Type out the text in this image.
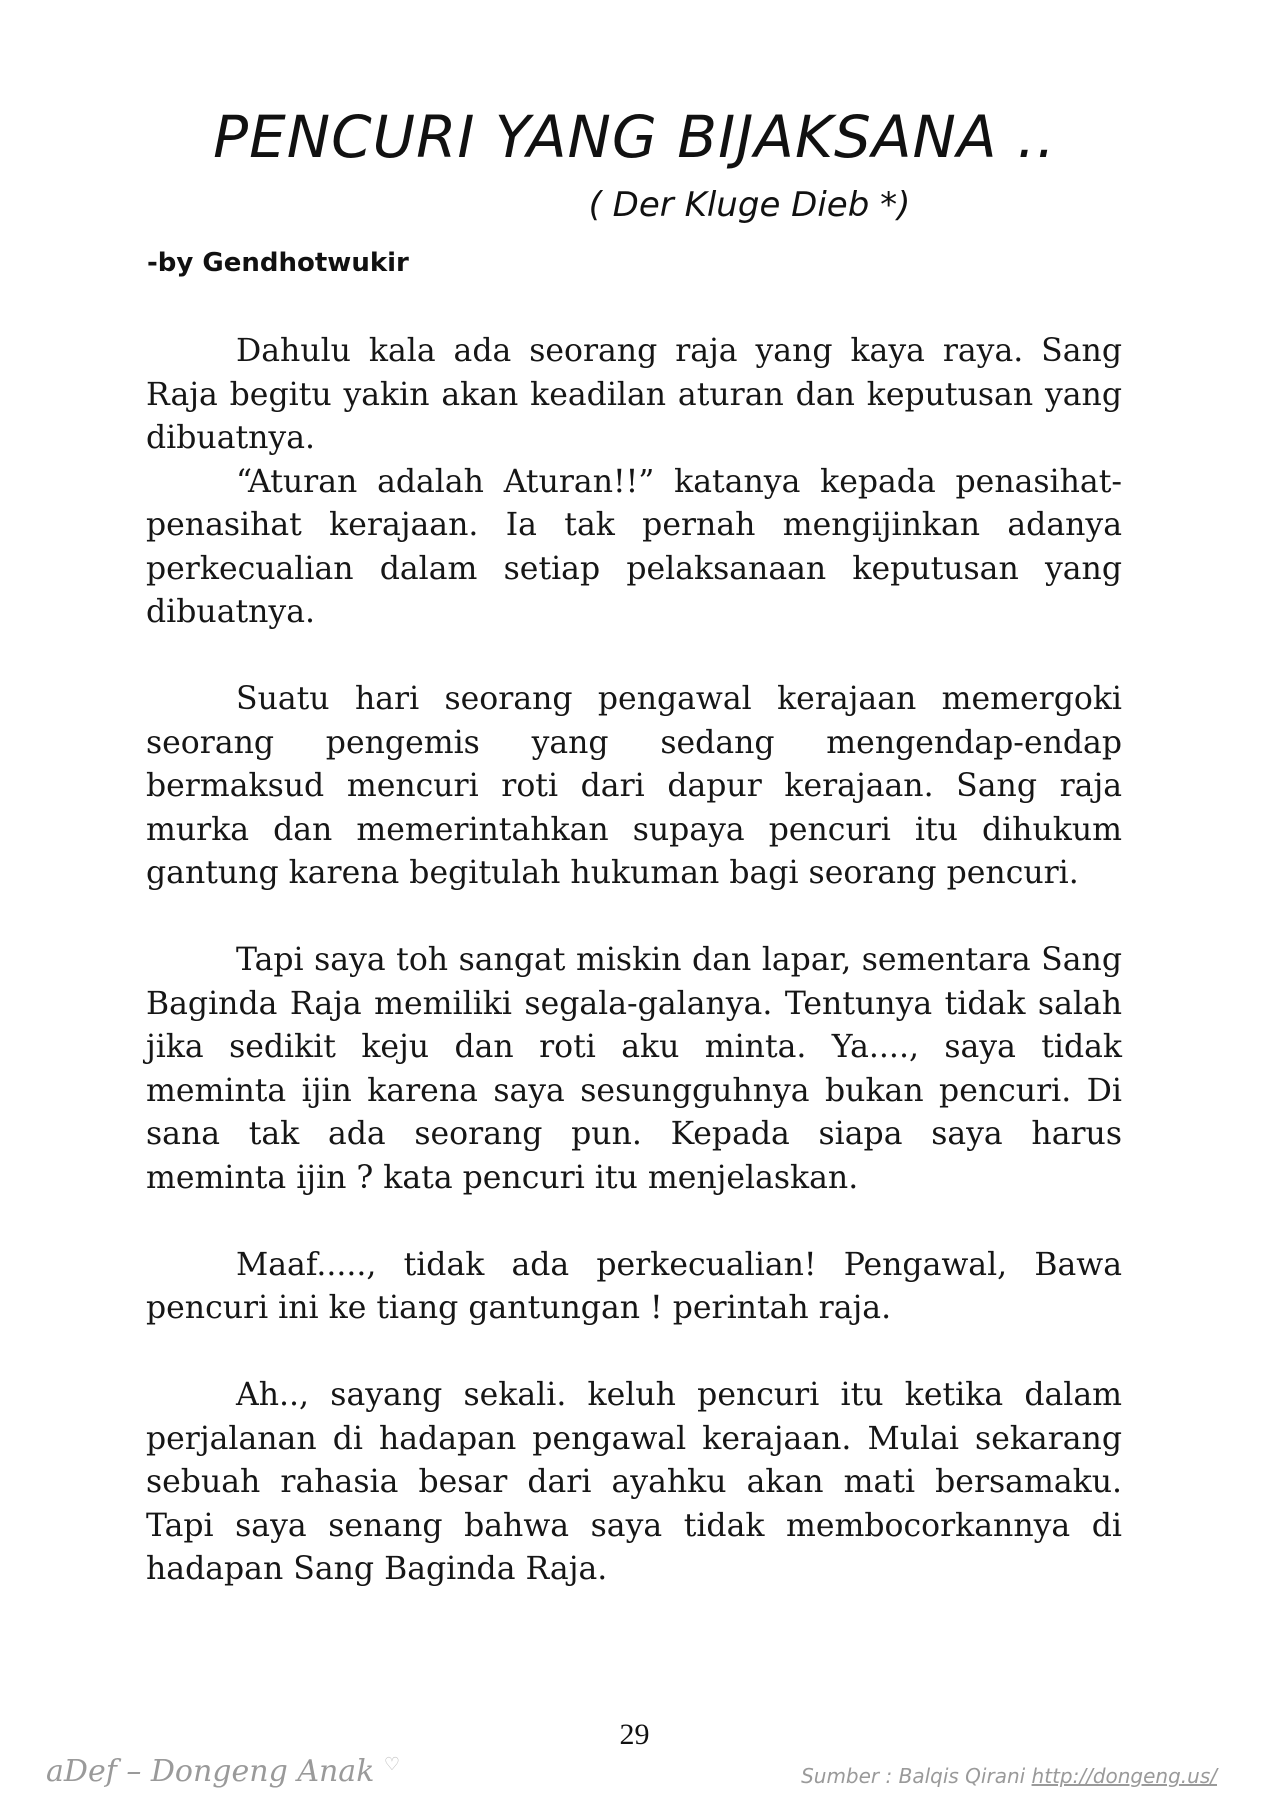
PENCURI YANG BIJAKSANA ..
( Der Kluge Dieb *)
-by Gendhotwukir

Dahulu kala ada seorang raja yang kaya raya. Sang Raja begitu yakin akan keadilan aturan dan keputusan yang dibuatnya.

“Aturan adalah Aturan!!” katanya kepada penasihat-penasihat kerajaan. Ia tak pernah mengijinkan adanya perkecualian dalam setiap pelaksanaan keputusan yang dibuatnya.

Suatu hari seorang pengawal kerajaan memergoki seorang pengemis yang sedang mengendap-endap bermaksud mencuri roti dari dapur kerajaan. Sang raja murka dan memerintahkan supaya pencuri itu dihukum gantung karena begitulah hukuman bagi seorang pencuri.

Tapi saya toh sangat miskin dan lapar, sementara Sang Baginda Raja memiliki segala-galanya. Tentunya tidak salah jika sedikit keju dan roti aku minta. Ya...., saya tidak meminta ijin karena saya sesungguhnya bukan pencuri. Di sana tak ada seorang pun. Kepada siapa saya harus meminta ijin ? kata pencuri itu menjelaskan.

Maaf....., tidak ada perkecualian! Pengawal, Bawa pencuri ini ke tiang gantungan ! perintah raja.

Ah.., sayang sekali. keluh pencuri itu ketika dalam perjalanan di hadapan pengawal kerajaan. Mulai sekarang sebuah rahasia besar dari ayahku akan mati bersamaku. Tapi saya senang bahwa saya tidak membocorkannya di hadapan Sang Baginda Raja.

29
aDef – Dongeng Anak ♡	Sumber : Balqis Qirani http://dongeng.us/
